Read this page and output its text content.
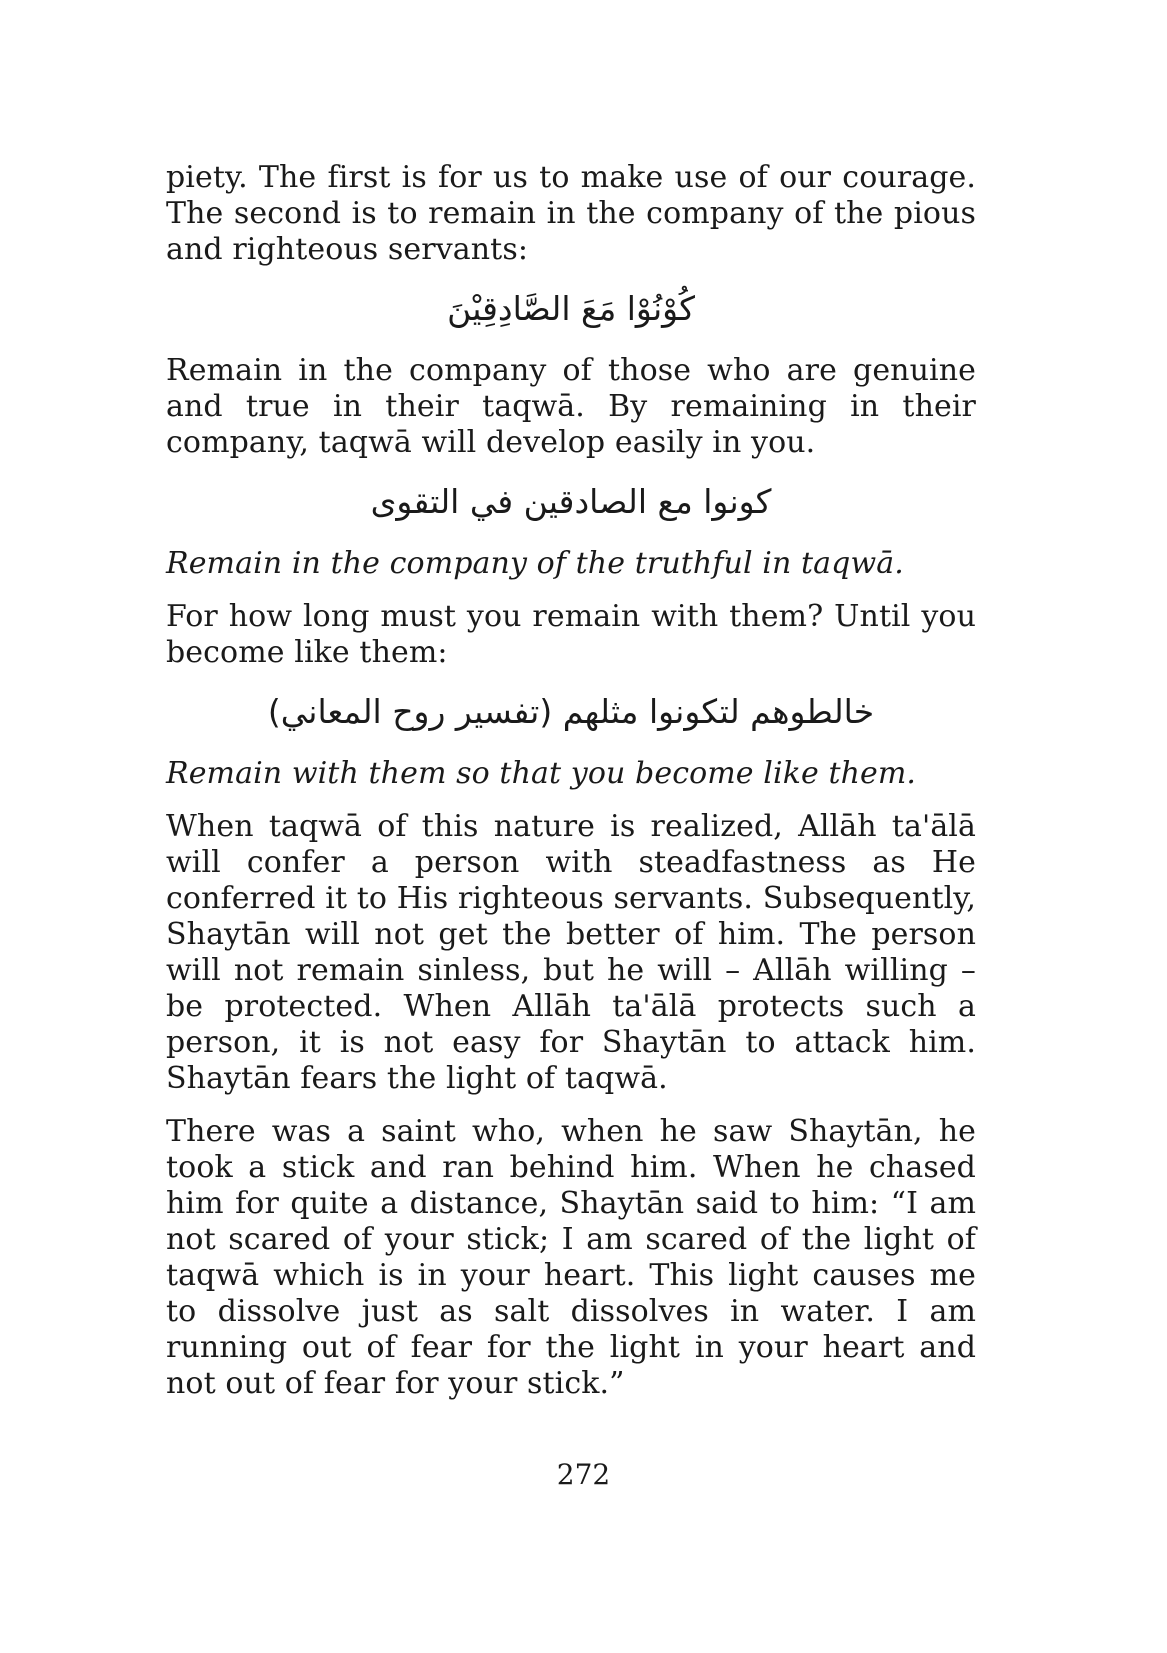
piety. The first is for us to make use of our courage. The second is to remain in the company of the pious and righteous servants:

كُوْنُوْا مَعَ الصَّادِقِيْنَ

Remain in the company of those who are genuine and true in their taqwā. By remaining in their company, taqwā will develop easily in you.

كونوا مع الصادقين في التقوى

Remain in the company of the truthful in taqwā.

For how long must you remain with them? Until you become like them:

خالطوهم لتكونوا مثلهم (تفسير روح المعاني)

Remain with them so that you become like them.

When taqwā of this nature is realized, Allāh ta'ālā will confer a person with steadfastness as He conferred it to His righteous servants. Subsequently, Shaytān will not get the better of him. The person will not remain sinless, but he will – Allāh willing – be protected. When Allāh ta'ālā protects such a person, it is not easy for Shaytān to attack him. Shaytān fears the light of taqwā.

There was a saint who, when he saw Shaytān, he took a stick and ran behind him. When he chased him for quite a distance, Shaytān said to him: “I am not scared of your stick; I am scared of the light of taqwā which is in your heart. This light causes me to dissolve just as salt dissolves in water. I am running out of fear for the light in your heart and not out of fear for your stick.”

272
